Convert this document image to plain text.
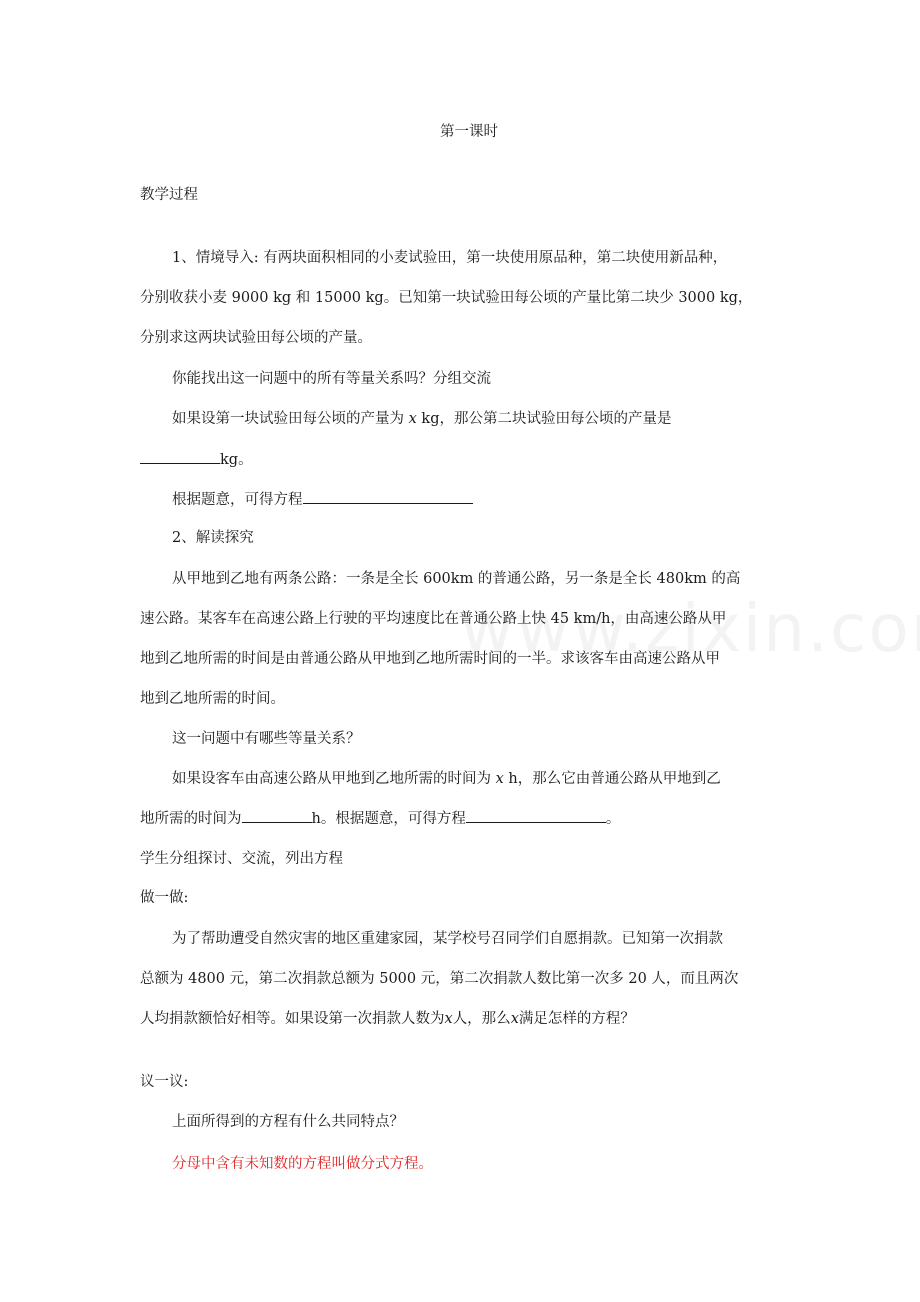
第一课时
教学过程
1、情境导入: 有两块面积相同的小麦试验田，第一块使用原品种，第二块使用新品种，
分别收获小麦 9000 kg 和 15000 kg。已知第一块试验田每公顷的产量比第二块少 3000 kg，
分别求这两块试验田每公顷的产量。
你能找出这一问题中的所有等量关系吗？分组交流
如果设第一块试验田每公顷的产量为 x kg，那公第二块试验田每公顷的产量是
kg。
根据题意，可得方程
2、解读探究
从甲地到乙地有两条公路：一条是全长 600km 的普通公路，另一条是全长 480km 的高
速公路。某客车在高速公路上行驶的平均速度比在普通公路上快 45 km/h，由高速公路从甲
地到乙地所需的时间是由普通公路从甲地到乙地所需时间的一半。求该客车由高速公路从甲
地到乙地所需的时间。
这一问题中有哪些等量关系？
如果设客车由高速公路从甲地到乙地所需的时间为 x h，那么它由普通公路从甲地到乙
地所需的时间为	h。根据题意，可得方程	。
学生分组探讨、交流，列出方程
做一做:
为了帮助遭受自然灾害的地区重建家园，某学校号召同学们自愿捐款。已知第一次捐款
总额为 4800 元，第二次捐款总额为 5000 元，第二次捐款人数比第一次多 20 人，而且两次
人均捐款额恰好相等。如果设第一次捐款人数为x人，那么x满足怎样的方程？
议一议:
上面所得到的方程有什么共同特点？
分母中含有未知数的方程叫做分式方程。
